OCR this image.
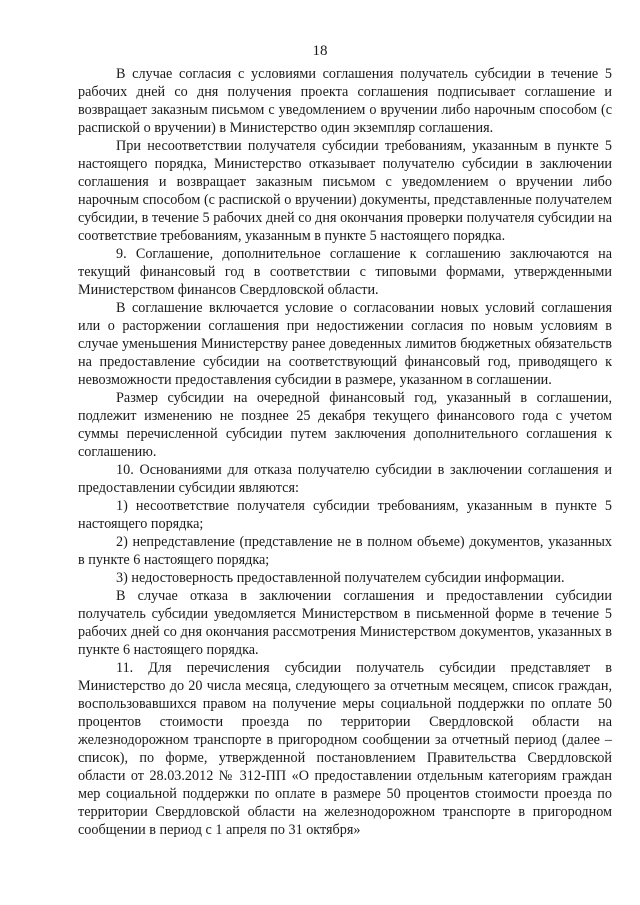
18

В случае согласия с условиями соглашения получатель субсидии в течение 5 рабочих дней со дня получения проекта соглашения подписывает соглашение и возвращает заказным письмом с уведомлением о вручении либо нарочным способом (с распиской о вручении) в Министерство один экземпляр соглашения.

При несоответствии получателя субсидии требованиям, указанным в пункте 5 настоящего порядка, Министерство отказывает получателю субсидии в заключении соглашения и возвращает заказным письмом с уведомлением о вручении либо нарочным способом (с распиской о вручении) документы, представленные получателем субсидии, в течение 5 рабочих дней со дня окончания проверки получателя субсидии на соответствие требованиям, указанным в пункте 5 настоящего порядка.

9. Соглашение, дополнительное соглашение к соглашению заключаются на текущий финансовый год в соответствии с типовыми формами, утвержденными Министерством финансов Свердловской области.

В соглашение включается условие о согласовании новых условий соглашения или о расторжении соглашения при недостижении согласия по новым условиям в случае уменьшения Министерству ранее доведенных лимитов бюджетных обязательств на предоставление субсидии на соответствующий финансовый год, приводящего к невозможности предоставления субсидии в размере, указанном в соглашении.

Размер субсидии на очередной финансовый год, указанный в соглашении, подлежит изменению не позднее 25 декабря текущего финансового года с учетом суммы перечисленной субсидии путем заключения дополнительного соглашения к соглашению.

10. Основаниями для отказа получателю субсидии в заключении соглашения и предоставлении субсидии являются:

1) несоответствие получателя субсидии требованиям, указанным в пункте 5 настоящего порядка;

2) непредставление (представление не в полном объеме) документов, указанных в пункте 6 настоящего порядка;

3) недостоверность предоставленной получателем субсидии информации.

В случае отказа в заключении соглашения и предоставлении субсидии получатель субсидии уведомляется Министерством в письменной форме в течение 5 рабочих дней со дня окончания рассмотрения Министерством документов, указанных в пункте 6 настоящего порядка.

11. Для перечисления субсидии получатель субсидии представляет в Министерство до 20 числа месяца, следующего за отчетным месяцем, список граждан, воспользовавшихся правом на получение меры социальной поддержки по оплате 50 процентов стоимости проезда по территории Свердловской области на железнодорожном транспорте в пригородном сообщении за отчетный период (далее – список), по форме, утвержденной постановлением Правительства Свердловской области от 28.03.2012 № 312-ПП «О предоставлении отдельным категориям граждан мер социальной поддержки по оплате в размере 50 процентов стоимости проезда по территории Свердловской области на железнодорожном транспорте в пригородном сообщении в период с 1 апреля по 31 октября»
